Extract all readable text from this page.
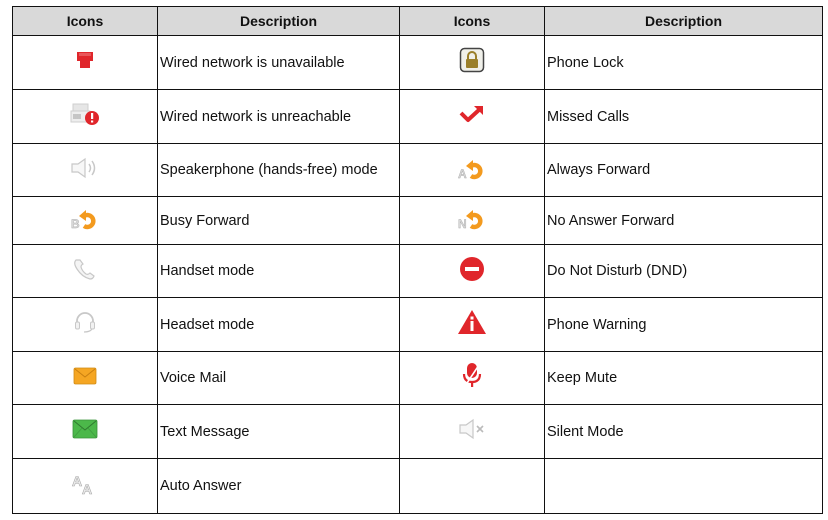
Icons	Description	Icons	Description
	Wired network is unavailable		Phone Lock
	Wired network is unreachable		Missed Calls
	Speakerphone (hands-free) mode	A	Always Forward

B	Busy Forward	N	No Answer Forward
	Handset mode		Do Not Disturb (DND)
	Headset mode		Phone Warning
	Voice Mail		Keep Mute
	Text Message		Silent Mode

A A	Auto Answer		
